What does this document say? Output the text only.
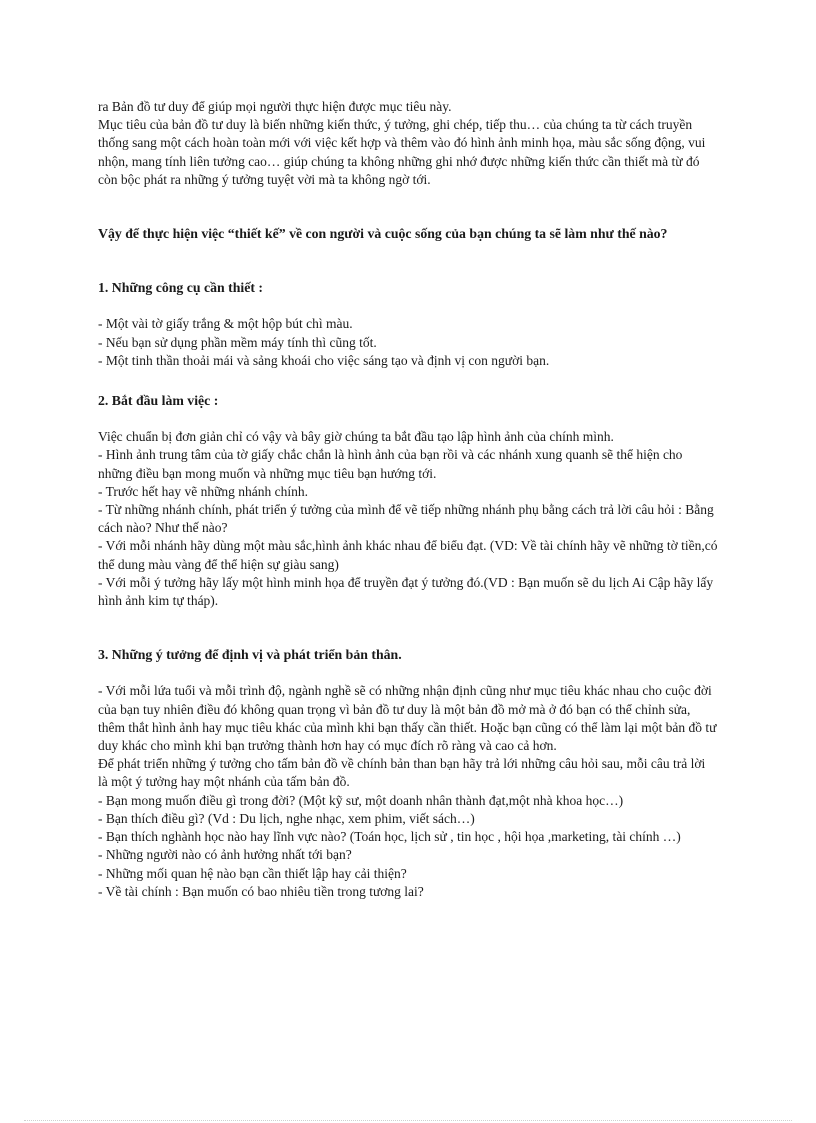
ra Bản đồ tư duy để giúp mọi người thực hiện được mục tiêu này.

Mục tiêu của bản đồ tư duy là biến những kiến thức, ý tưởng, ghi chép, tiếp thu… của chúng ta từ cách truyền thống sang một cách hoàn toàn mới với việc kết hợp và thêm vào đó hình ảnh minh họa, màu sắc sống động, vui nhộn, mang tính liên tưởng cao… giúp chúng ta không những ghi nhớ được những kiến thức cần thiết mà từ đó còn bộc phát ra những ý tưởng tuyệt vời mà ta không ngờ tới.

Vậy để thực hiện việc “thiết kế” về con người và cuộc sống của bạn chúng ta sẽ làm như thế nào?

1. Những công cụ cần thiết :

- Một vài tờ giấy trắng & một hộp bút chì màu.

- Nếu bạn sử dụng phần mềm máy tính thì cũng tốt.

- Một tinh thần thoải mái và sảng khoái cho việc sáng tạo và định vị con người bạn.

2. Bắt đầu làm việc :

Việc chuẩn bị đơn giản chỉ có vậy và bây giờ chúng ta bắt đầu tạo lập hình ảnh của chính mình.

- Hình ảnh trung tâm của tờ giấy chắc chắn là hình ảnh của bạn rồi và các nhánh xung quanh sẽ thể hiện cho những điều bạn mong muốn và những mục tiêu bạn hướng tới.

- Trước hết hay vẽ những nhánh chính.

- Từ những nhánh chính, phát triển ý tưởng của mình để vẽ tiếp những nhánh phụ bằng cách trả lời câu hỏi : Bằng cách nào? Như thế nào?

- Với mỗi nhánh hãy dùng một màu sắc,hình ảnh khác nhau để biểu đạt. (VD: Về tài chính hãy vẽ những tờ tiền,có thể dung màu vàng để thể hiện sự giàu sang)

- Với mỗi ý tưởng hãy lấy một hình minh họa để truyền đạt ý tưởng đó.(VD : Bạn muốn sẽ du lịch Ai Cập hãy lấy hình ảnh kim tự tháp).

3. Những ý tưởng để định vị và phát triển bản thân.

- Với mỗi lứa tuổi và mỗi trình độ, ngành nghề sẽ có những nhận định cũng như mục tiêu khác nhau cho cuộc đời của bạn tuy nhiên điều đó không quan trọng vì bản đồ tư duy là một bản đồ mở mà ở đó bạn có thể chỉnh sửa, thêm thắt hình ảnh hay mục tiêu khác của mình khi bạn thấy cần thiết. Hoặc bạn cũng có thể làm lại một bản đồ tư duy khác cho mình khi bạn trưởng thành hơn hay có mục đích rõ ràng và cao cả hơn.

Để phát triển những ý tưởng cho tấm bản đồ về chính bản than bạn hãy trả lới những câu hỏi sau, mỗi câu trả lời là một ý tưởng hay một nhánh của tấm bản đồ.

- Bạn mong muốn điều gì trong đời? (Một kỹ sư, một doanh nhân thành đạt,một nhà khoa học…)

- Bạn thích điều gì? (Vd : Du lịch, nghe nhạc, xem phim, viết sách…)

- Bạn thích nghành học nào hay lĩnh vực nào? (Toán học, lịch sử , tin học , hội họa ,marketing, tài chính …)

- Những người nào có ảnh hưởng nhất tới bạn?

- Những mối quan hệ nào bạn cần thiết lập hay cải thiện?

- Về tài chính : Bạn muốn có bao nhiêu tiền trong tương lai?
